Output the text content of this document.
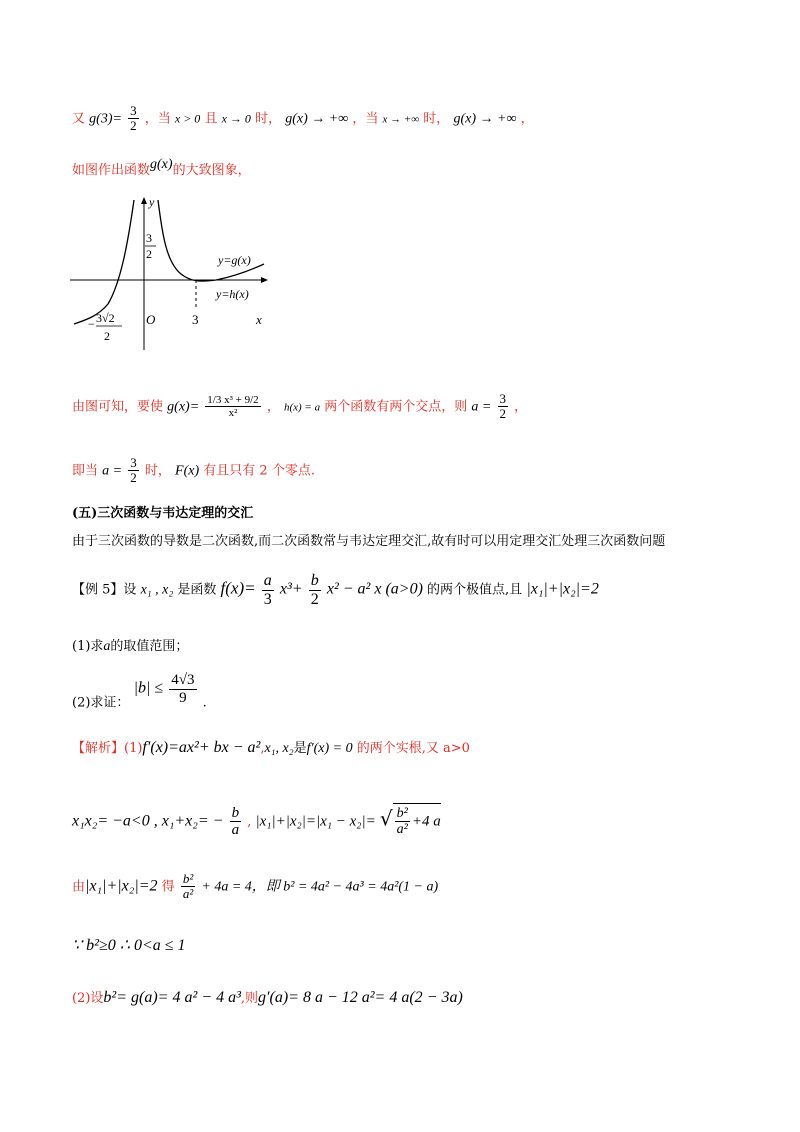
又 $g(3)= \frac{3}{2}$ ，当 x > 0 且 x → 0 时， g(x) → +∞ ，当 x → +∞ 时， g(x) → +∞ ，
如图作出函数g(x)的大致图象，
y
x
O	3
3
2
− 3√2
2
y=g(x)
y=h(x)
由图可知，要使 $g(x)= \frac{\text{1/3 x³ + 9/2}}{\text{x²}}$ ， h(x) = a 两个函数有两个交点，则 $a = \frac{3}{2}$ ，
即当 $a = \frac{3}{2}$ 时， F(x) 有且只有 2 个零点.
(五)三次函数与韦达定理的交汇
由于三次函数的导数是二次函数,而二次函数常与韦达定理交汇,故有时可以用定理交汇处理三次函数问题
【例 5】设 x₁ , x₂ 是函数 $f(x)= \frac{a}{3} x^3+ \frac{b}{2} x^2 - a^2$ x (a>0) 的两个极值点,且 |x₁|+|x₂|=2
(1)求a的取值范围；
(2)求证： $|b| \le \frac{4√3}{9}$ .
【解析】(1)f′(x)=ax²+ bx − a²,x₁, x₂是f′(x) = 0 的两个实根,又 a>0
x₁x₂= −a<0 , $x_1+x_2= - \frac{b}{a}$ , |x₁|+|x₂|=|x₁ − x₂|= √ $\frac{\text{b²}}{\text{a²}} +4$ a
由|x₁|+|x₂|=2 得 $\frac{\text{b²}}{\text{a²}} + 4a = 4$，即 b² = 4a² − 4a³ = 4a²(1 − a)
∵ b²≥0 ∴ 0<a ≤ 1
(2)设b²= g(a)= 4 a² − 4 a³,则g′(a)= 8 a − 12 a²= 4 a(2 − 3a)
